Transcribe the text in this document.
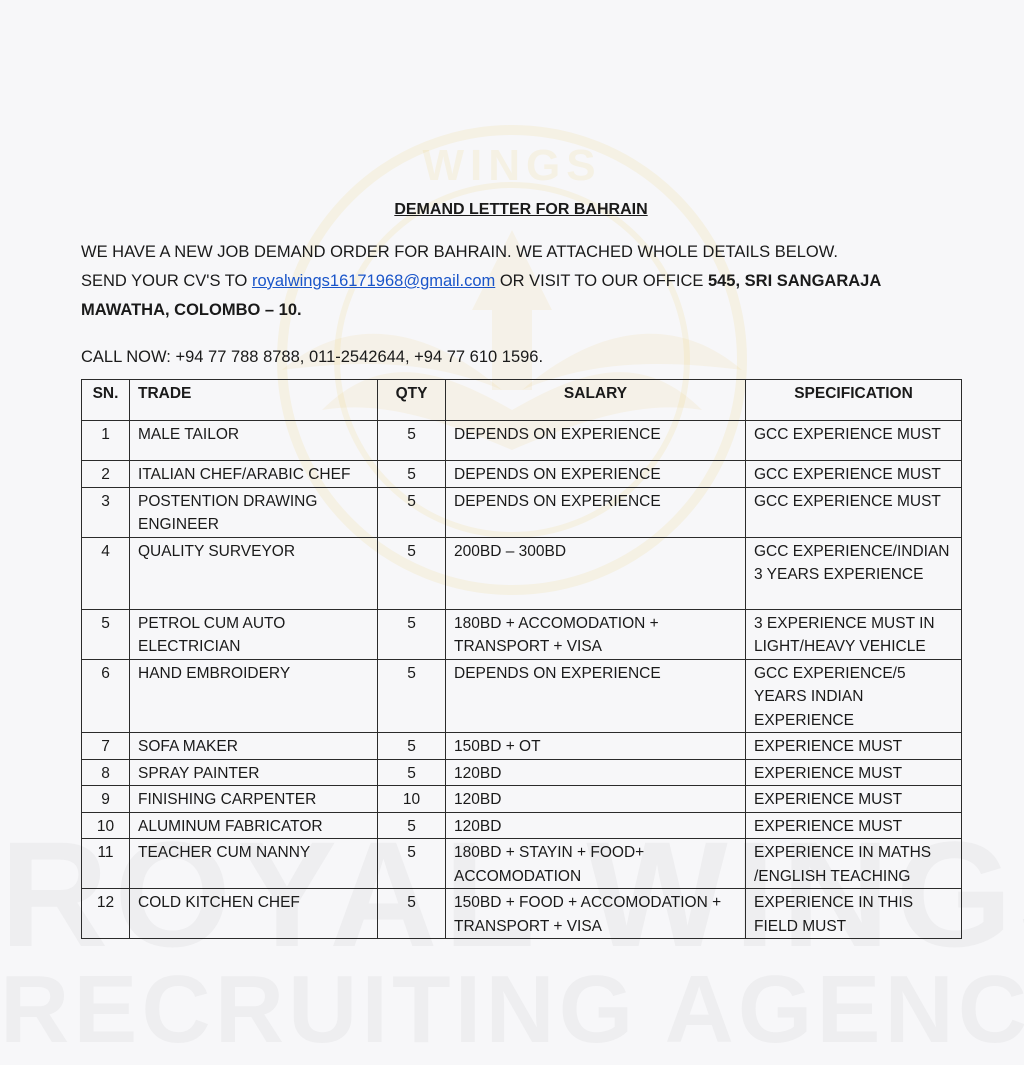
WINGS
DEMAND LETTER FOR BAHRAIN
WE HAVE A NEW JOB DEMAND ORDER FOR BAHRAIN. WE ATTACHED WHOLE DETAILS BELOW.
SEND YOUR CV'S TO royalwings16171968@gmail.com OR VISIT TO OUR OFFICE 545, SRI SANGARAJA MAWATHA, COLOMBO – 10.
CALL NOW: +94 77 788 8788, 011-2542644, +94 77 610 1596.
SN.	TRADE	QTY	SALARY	SPECIFICATION
1	MALE TAILOR	5	DEPENDS ON EXPERIENCE	GCC EXPERIENCE MUST
2	ITALIAN CHEF/ARABIC CHEF	5	DEPENDS ON EXPERIENCE	GCC EXPERIENCE MUST
3	POSTENTION DRAWING ENGINEER	5	DEPENDS ON EXPERIENCE	GCC EXPERIENCE MUST
4	QUALITY SURVEYOR	5	200BD – 300BD	GCC EXPERIENCE/INDIAN 3 YEARS EXPERIENCE
5	PETROL CUM AUTO ELECTRICIAN	5	180BD + ACCOMODATION + TRANSPORT + VISA	3 EXPERIENCE MUST IN LIGHT/HEAVY VEHICLE
6	HAND EMBROIDERY	5	DEPENDS ON EXPERIENCE	GCC EXPERIENCE/5 YEARS INDIAN EXPERIENCE
7	SOFA MAKER	5	150BD + OT	EXPERIENCE MUST
8	SPRAY PAINTER	5	120BD	EXPERIENCE MUST
9	FINISHING CARPENTER	10	120BD	EXPERIENCE MUST
10	ALUMINUM FABRICATOR	5	120BD	EXPERIENCE MUST
11	TEACHER CUM NANNY	5	180BD + STAYIN + FOOD+ ACCOMODATION	EXPERIENCE IN MATHS /ENGLISH TEACHING
12	COLD KITCHEN CHEF	5	150BD + FOOD + ACCOMODATION + TRANSPORT + VISA	EXPERIENCE IN THIS FIELD MUST
